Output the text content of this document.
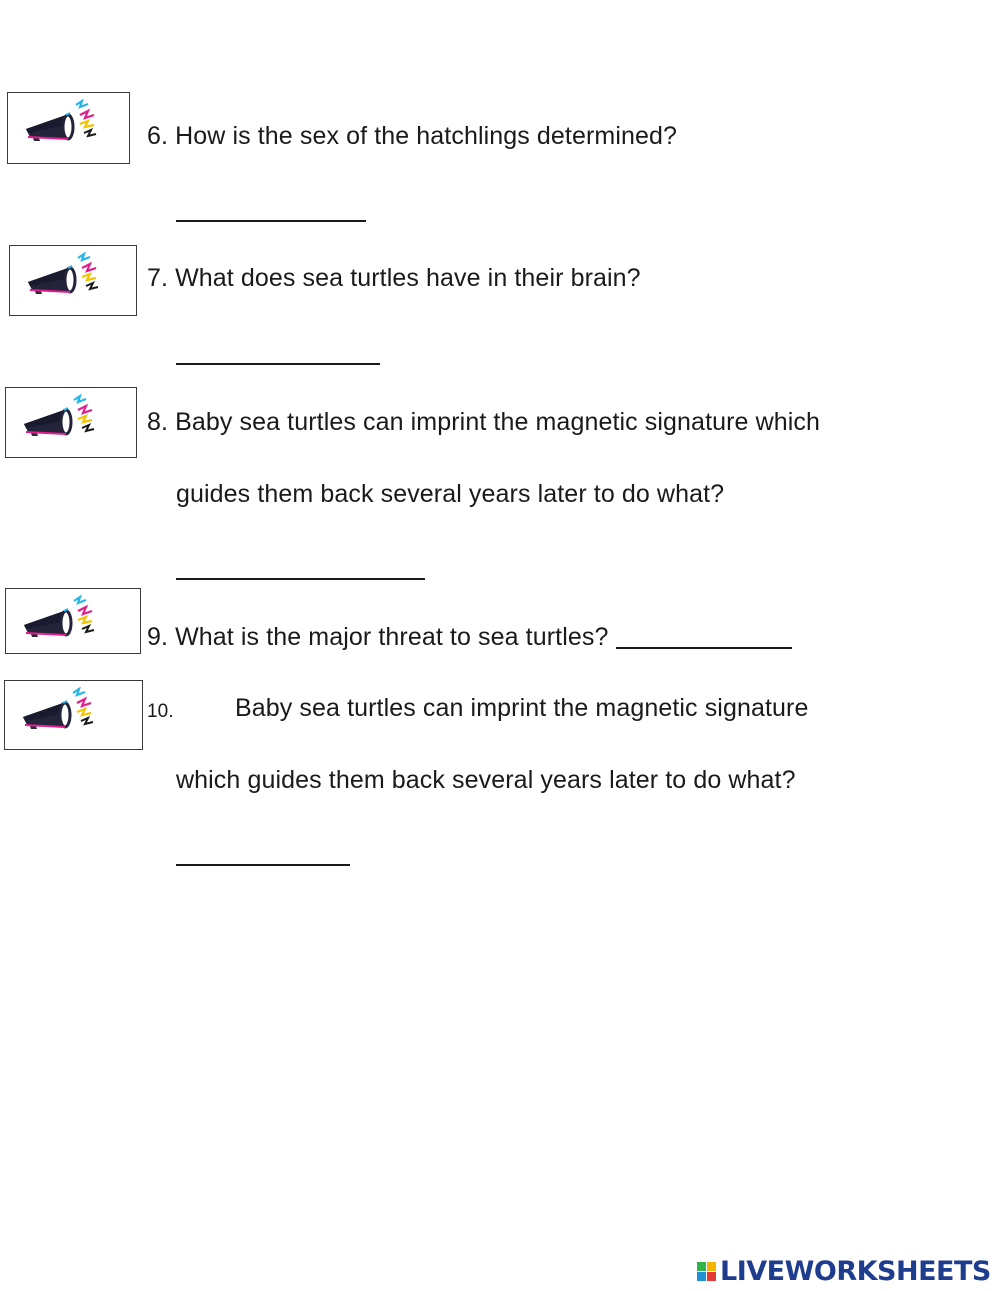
6. How is the sex of the hatchlings determined?
7. What does sea turtles have in their brain?
8. Baby sea turtles can imprint the magnetic signature which
guides them back several years later to do what?
9. What is the major threat to sea turtles?
10. Baby sea turtles can imprint the magnetic signature
which guides them back several years later to do what?
LIVEWORKSHEETS
